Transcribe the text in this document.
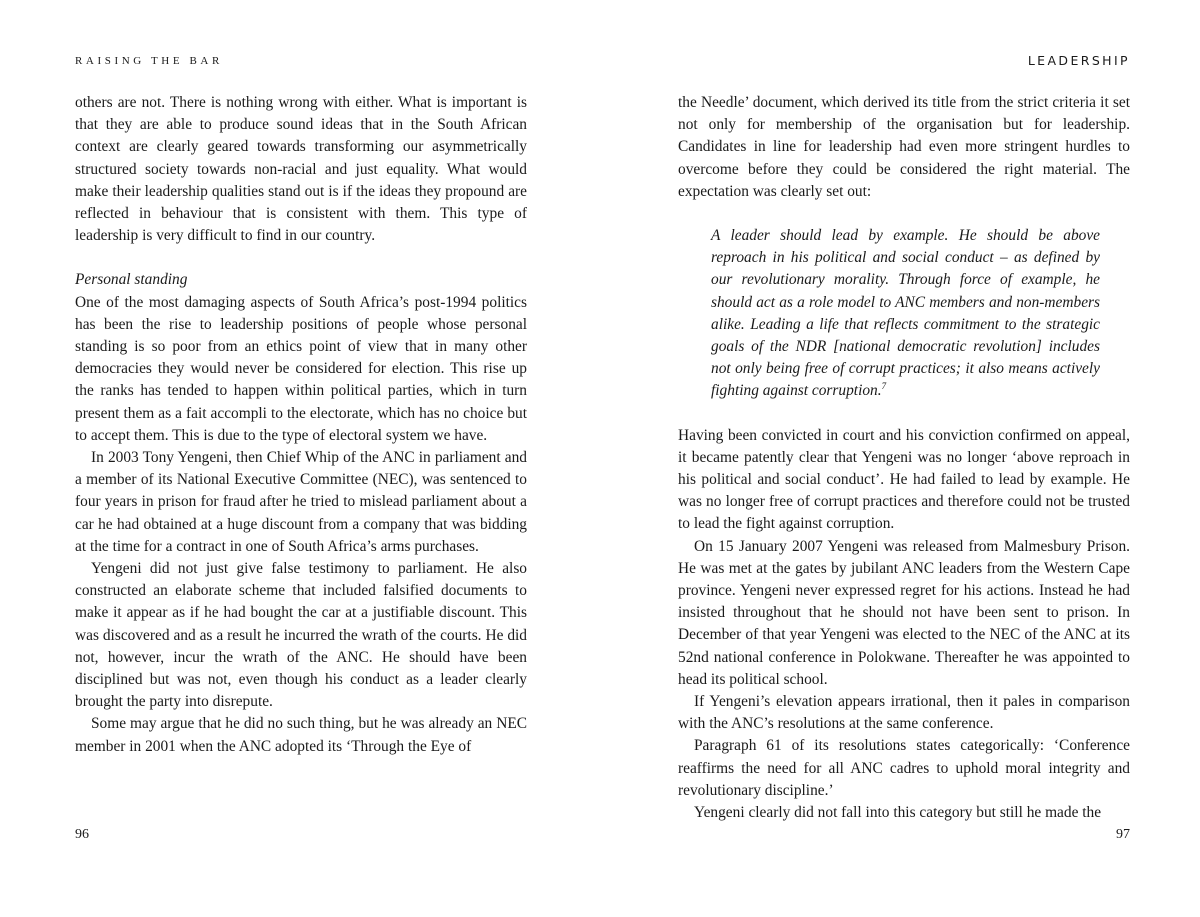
RAISING THE BAR

others are not. There is nothing wrong with either. What is important is that they are able to produce sound ideas that in the South African context are clearly geared towards transforming our asymmetrically structured society towards non-racial and just equality. What would make their leadership qualities stand out is if the ideas they propound are reflected in behaviour that is consistent with them. This type of leadership is very difficult to find in our country.

Personal standing

One of the most damaging aspects of South Africa’s post-1994 politics has been the rise to leadership positions of people whose personal standing is so poor from an ethics point of view that in many other democracies they would never be considered for election. This rise up the ranks has tended to happen within political parties, which in turn present them as a fait accompli to the electorate, which has no choice but to accept them. This is due to the type of electoral system we have.

In 2003 Tony Yengeni, then Chief Whip of the ANC in parliament and a member of its National Executive Committee (NEC), was sentenced to four years in prison for fraud after he tried to mislead parliament about a car he had obtained at a huge discount from a company that was bidding at the time for a contract in one of South Africa’s arms purchases.

Yengeni did not just give false testimony to parliament. He also constructed an elaborate scheme that included falsified documents to make it appear as if he had bought the car at a justifiable discount. This was discovered and as a result he incurred the wrath of the courts. He did not, however, incur the wrath of the ANC. He should have been disciplined but was not, even though his conduct as a leader clearly brought the party into disrepute.

Some may argue that he did no such thing, but he was already an NEC member in 2001 when the ANC adopted its ‘Through the Eye of

96
LEADERSHIP

the Needle’ document, which derived its title from the strict criteria it set not only for membership of the organisation but for leadership. Candidates in line for leadership had even more stringent hurdles to overcome before they could be considered the right material. The expectation was clearly set out:

A leader should lead by example. He should be above reproach in his political and social conduct – as defined by our revolutionary morality. Through force of example, he should act as a role model to ANC members and non-members alike. Leading a life that reflects commitment to the strategic goals of the NDR [national democratic revolution] includes not only being free of corrupt practices; it also means actively fighting against corruption.$^7$

Having been convicted in court and his conviction confirmed on appeal, it became patently clear that Yengeni was no longer ‘above reproach in his political and social conduct’. He had failed to lead by example. He was no longer free of corrupt practices and therefore could not be trusted to lead the fight against corruption.

On 15 January 2007 Yengeni was released from Malmesbury Prison. He was met at the gates by jubilant ANC leaders from the Western Cape province. Yengeni never expressed regret for his actions. Instead he had insisted throughout that he should not have been sent to prison. In December of that year Yengeni was elected to the NEC of the ANC at its 52nd national conference in Polokwane. Thereafter he was appointed to head its political school.

If Yengeni’s elevation appears irrational, then it pales in comparison with the ANC’s resolutions at the same conference.

Paragraph 61 of its resolutions states categorically: ‘Conference reaffirms the need for all ANC cadres to uphold moral integrity and revolutionary discipline.’

Yengeni clearly did not fall into this category but still he made the

97
